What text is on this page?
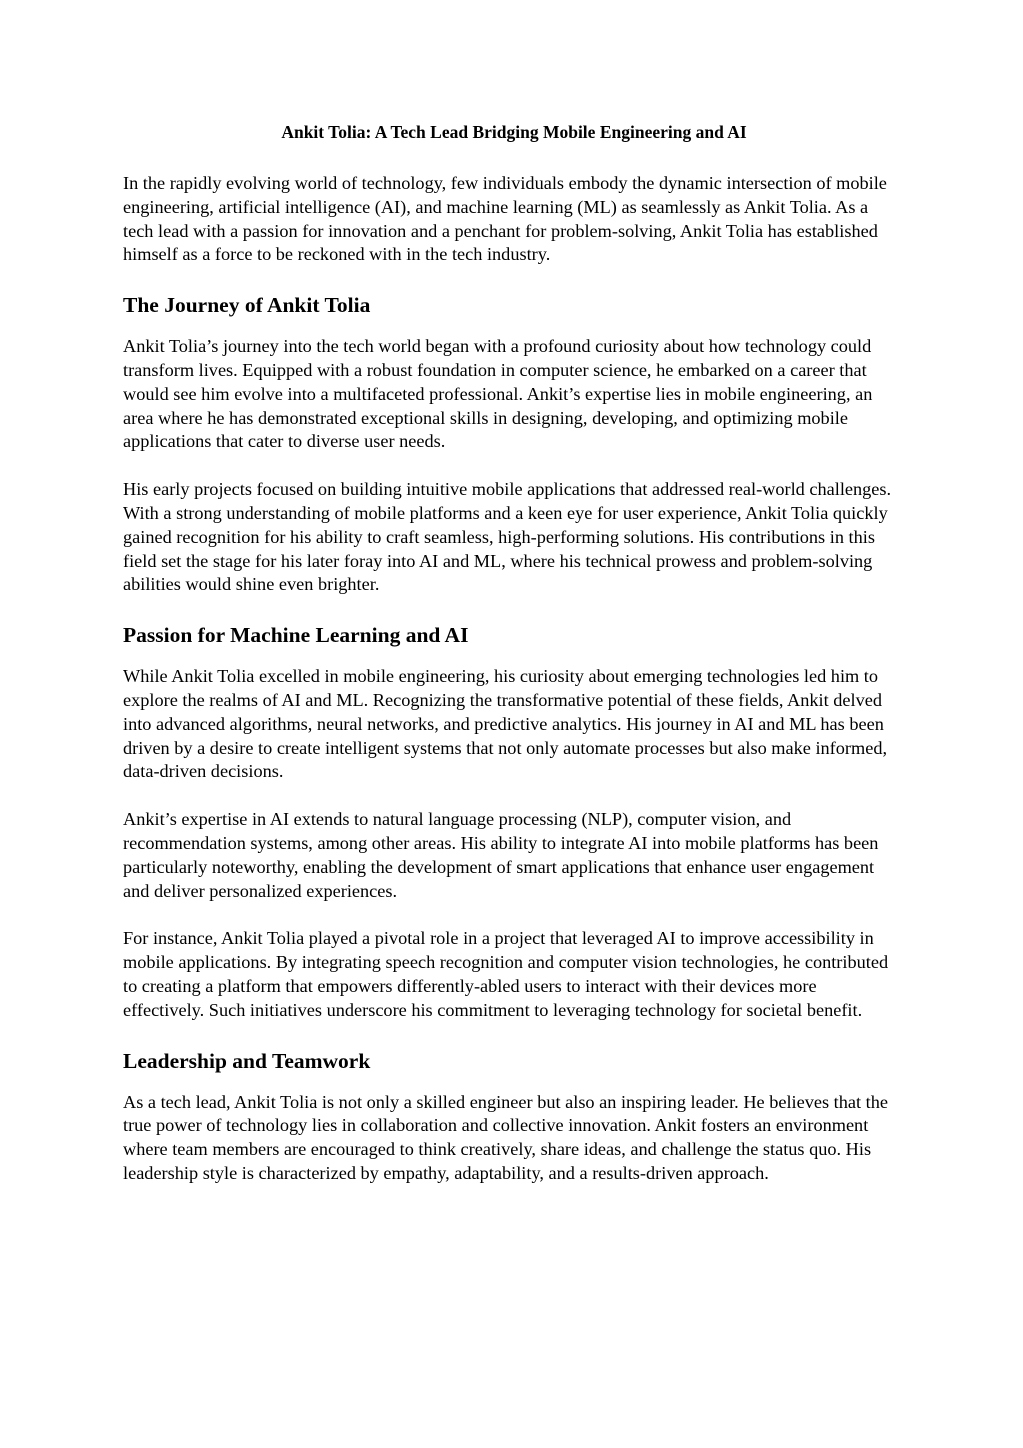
Ankit Tolia: A Tech Lead Bridging Mobile Engineering and AI

In the rapidly evolving world of technology, few individuals embody the dynamic intersection of mobile engineering, artificial intelligence (AI), and machine learning (ML) as seamlessly as Ankit Tolia. As a tech lead with a passion for innovation and a penchant for problem-solving, Ankit Tolia has established himself as a force to be reckoned with in the tech industry.

The Journey of Ankit Tolia

Ankit Tolia’s journey into the tech world began with a profound curiosity about how technology could transform lives. Equipped with a robust foundation in computer science, he embarked on a career that would see him evolve into a multifaceted professional. Ankit’s expertise lies in mobile engineering, an area where he has demonstrated exceptional skills in designing, developing, and optimizing mobile applications that cater to diverse user needs.

His early projects focused on building intuitive mobile applications that addressed real-world challenges. With a strong understanding of mobile platforms and a keen eye for user experience, Ankit Tolia quickly gained recognition for his ability to craft seamless, high-performing solutions. His contributions in this field set the stage for his later foray into AI and ML, where his technical prowess and problem-solving abilities would shine even brighter.

Passion for Machine Learning and AI

While Ankit Tolia excelled in mobile engineering, his curiosity about emerging technologies led him to explore the realms of AI and ML. Recognizing the transformative potential of these fields, Ankit delved into advanced algorithms, neural networks, and predictive analytics. His journey in AI and ML has been driven by a desire to create intelligent systems that not only automate processes but also make informed, data-driven decisions.

Ankit’s expertise in AI extends to natural language processing (NLP), computer vision, and recommendation systems, among other areas. His ability to integrate AI into mobile platforms has been particularly noteworthy, enabling the development of smart applications that enhance user engagement and deliver personalized experiences.

For instance, Ankit Tolia played a pivotal role in a project that leveraged AI to improve accessibility in mobile applications. By integrating speech recognition and computer vision technologies, he contributed to creating a platform that empowers differently-abled users to interact with their devices more effectively. Such initiatives underscore his commitment to leveraging technology for societal benefit.

Leadership and Teamwork

As a tech lead, Ankit Tolia is not only a skilled engineer but also an inspiring leader. He believes that the true power of technology lies in collaboration and collective innovation. Ankit fosters an environment where team members are encouraged to think creatively, share ideas, and challenge the status quo. His leadership style is characterized by empathy, adaptability, and a results-driven approach.
